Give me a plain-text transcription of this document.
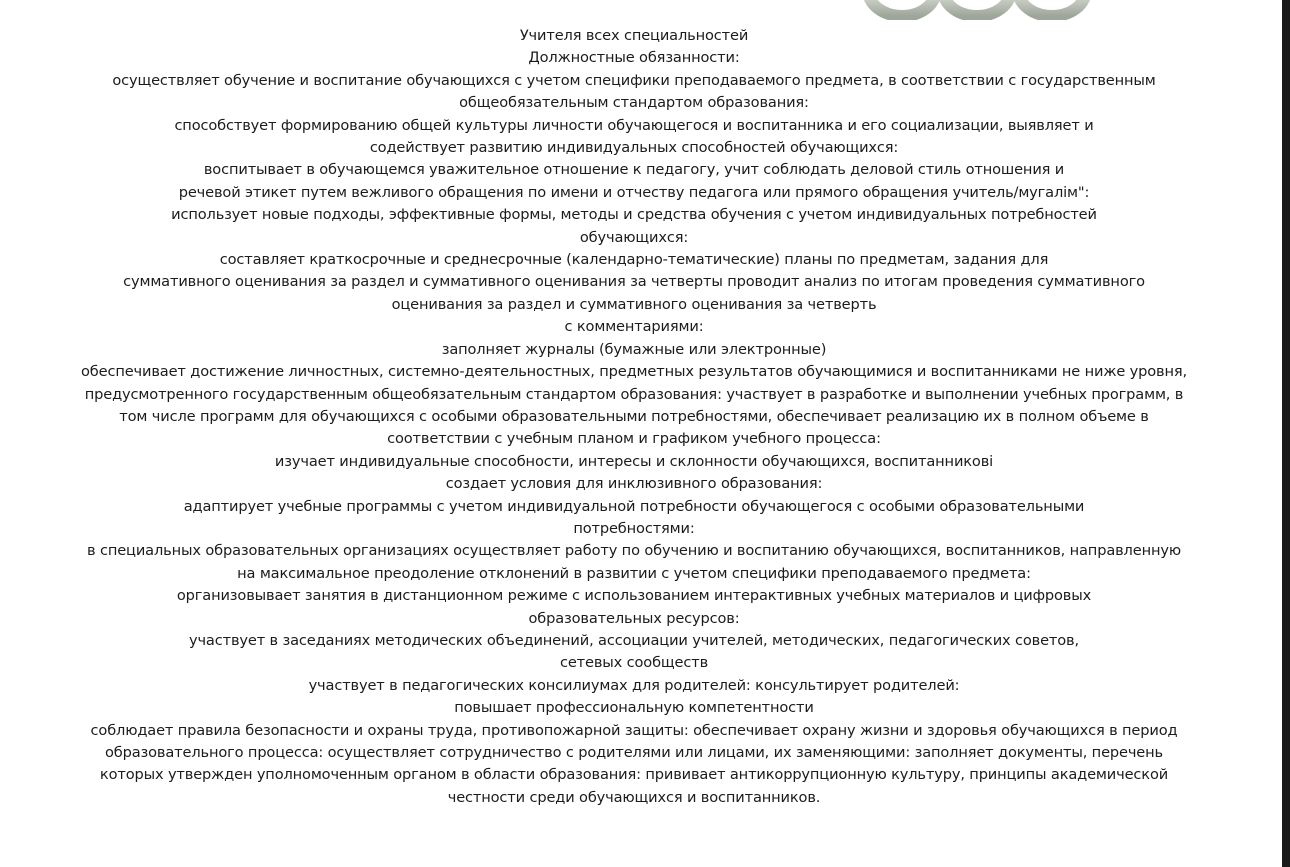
Учителя всех специальностей
Должностные обязанности:
осуществляет обучение и воспитание обучающихся с учетом специфики преподаваемого предмета, в соответствии с государственным
общеобязательным стандартом образования:
способствует формированию общей культуры личности обучающегося и воспитанника и его социализации, выявляет и
содействует развитию индивидуальных способностей обучающихся:
воспитывает в обучающемся уважительное отношение к педагогу, учит соблюдать деловой стиль отношения и
речевой этикет путем вежливого обращения по имени и отчеству педагога или прямого обращения учитель/мугалім":
использует новые подходы, эффективные формы, методы и средства обучения с учетом индивидуальных потребностей
обучающихся:
составляет краткосрочные и среднесрочные (календарно-тематические) планы по предметам, задания для
суммативного оценивания за раздел и суммативного оценивания за четверты проводит анализ по итогам проведения суммативного
оценивания за раздел и суммативного оценивания за четверть
с комментариями:
заполняет журналы (бумажные или электронные)
обеспечивает достижение личностных, системно-деятельностных, предметных результатов обучающимися и воспитанниками не ниже уровня,
предусмотренного государственным общеобязательным стандартом образования: участвует в разработке и выполнении учебных программ, в
том числе программ для обучающихся с особыми образовательными потребностями, обеспечивает реализацию их в полном объеме в
соответствии с учебным планом и графиком учебного процесса:
изучает индивидуальные способности, интересы и склонности обучающихся, воспитанниковi
создает условия для инклюзивного образования:
адаптирует учебные программы с учетом индивидуальной потребности обучающегося с особыми образовательными
потребностями:
в специальных образовательных организациях осуществляет работу по обучению и воспитанию обучающихся, воспитанников, направленную
на максимальное преодоление отклонений в развитии с учетом специфики преподаваемого предмета:
организовывает занятия в дистанционном режиме с использованием интерактивных учебных материалов и цифровых
образовательных ресурсов:
участвует в заседаниях методических объединений, ассоциации учителей, методических, педагогических советов,
сетевых сообществ
участвует в педагогических консилиумах для родителей: консультирует родителей:
повышает профессиональную компетентности
соблюдает правила безопасности и охраны труда, противопожарной защиты: обеспечивает охрану жизни и здоровья обучающихся в период
образовательного процесса: осуществляет сотрудничество с родителями или лицами, их заменяющими: заполняет документы, перечень
которых утвержден уполномоченным органом в области образования: прививает антикоррупционную культуру, принципы академической
честности среди обучающихся и воспитанников.
